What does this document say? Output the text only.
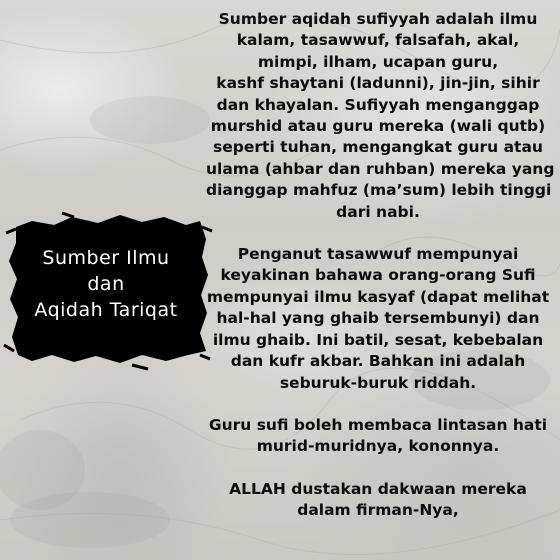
Sumber Ilmu
dan
Aqidah Tariqat

Sumber aqidah sufiyyah adalah ilmu
kalam, tasawwuf, falsafah, akal,
mimpi, ilham, ucapan guru,
kashf shaytani (ladunni), jin-jin, sihir
dan khayalan. Sufiyyah menganggap
murshid atau guru mereka (wali qutb)
seperti tuhan, mengangkat guru atau
ulama (ahbar dan ruhban) mereka yang
dianggap mahfuz (ma’sum) lebih tinggi
dari nabi.

Penganut tasawwuf mempunyai
keyakinan bahawa orang-orang Sufi
mempunyai ilmu kasyaf (dapat melihat
hal-hal yang ghaib tersembunyi) dan
ilmu ghaib. Ini batil, sesat, kebebalan
dan kufr akbar. Bahkan ini adalah
seburuk-buruk riddah.

Guru sufi boleh membaca lintasan hati
murid-muridnya, kononnya.

ALLAH dustakan dakwaan mereka
dalam firman-Nya,
